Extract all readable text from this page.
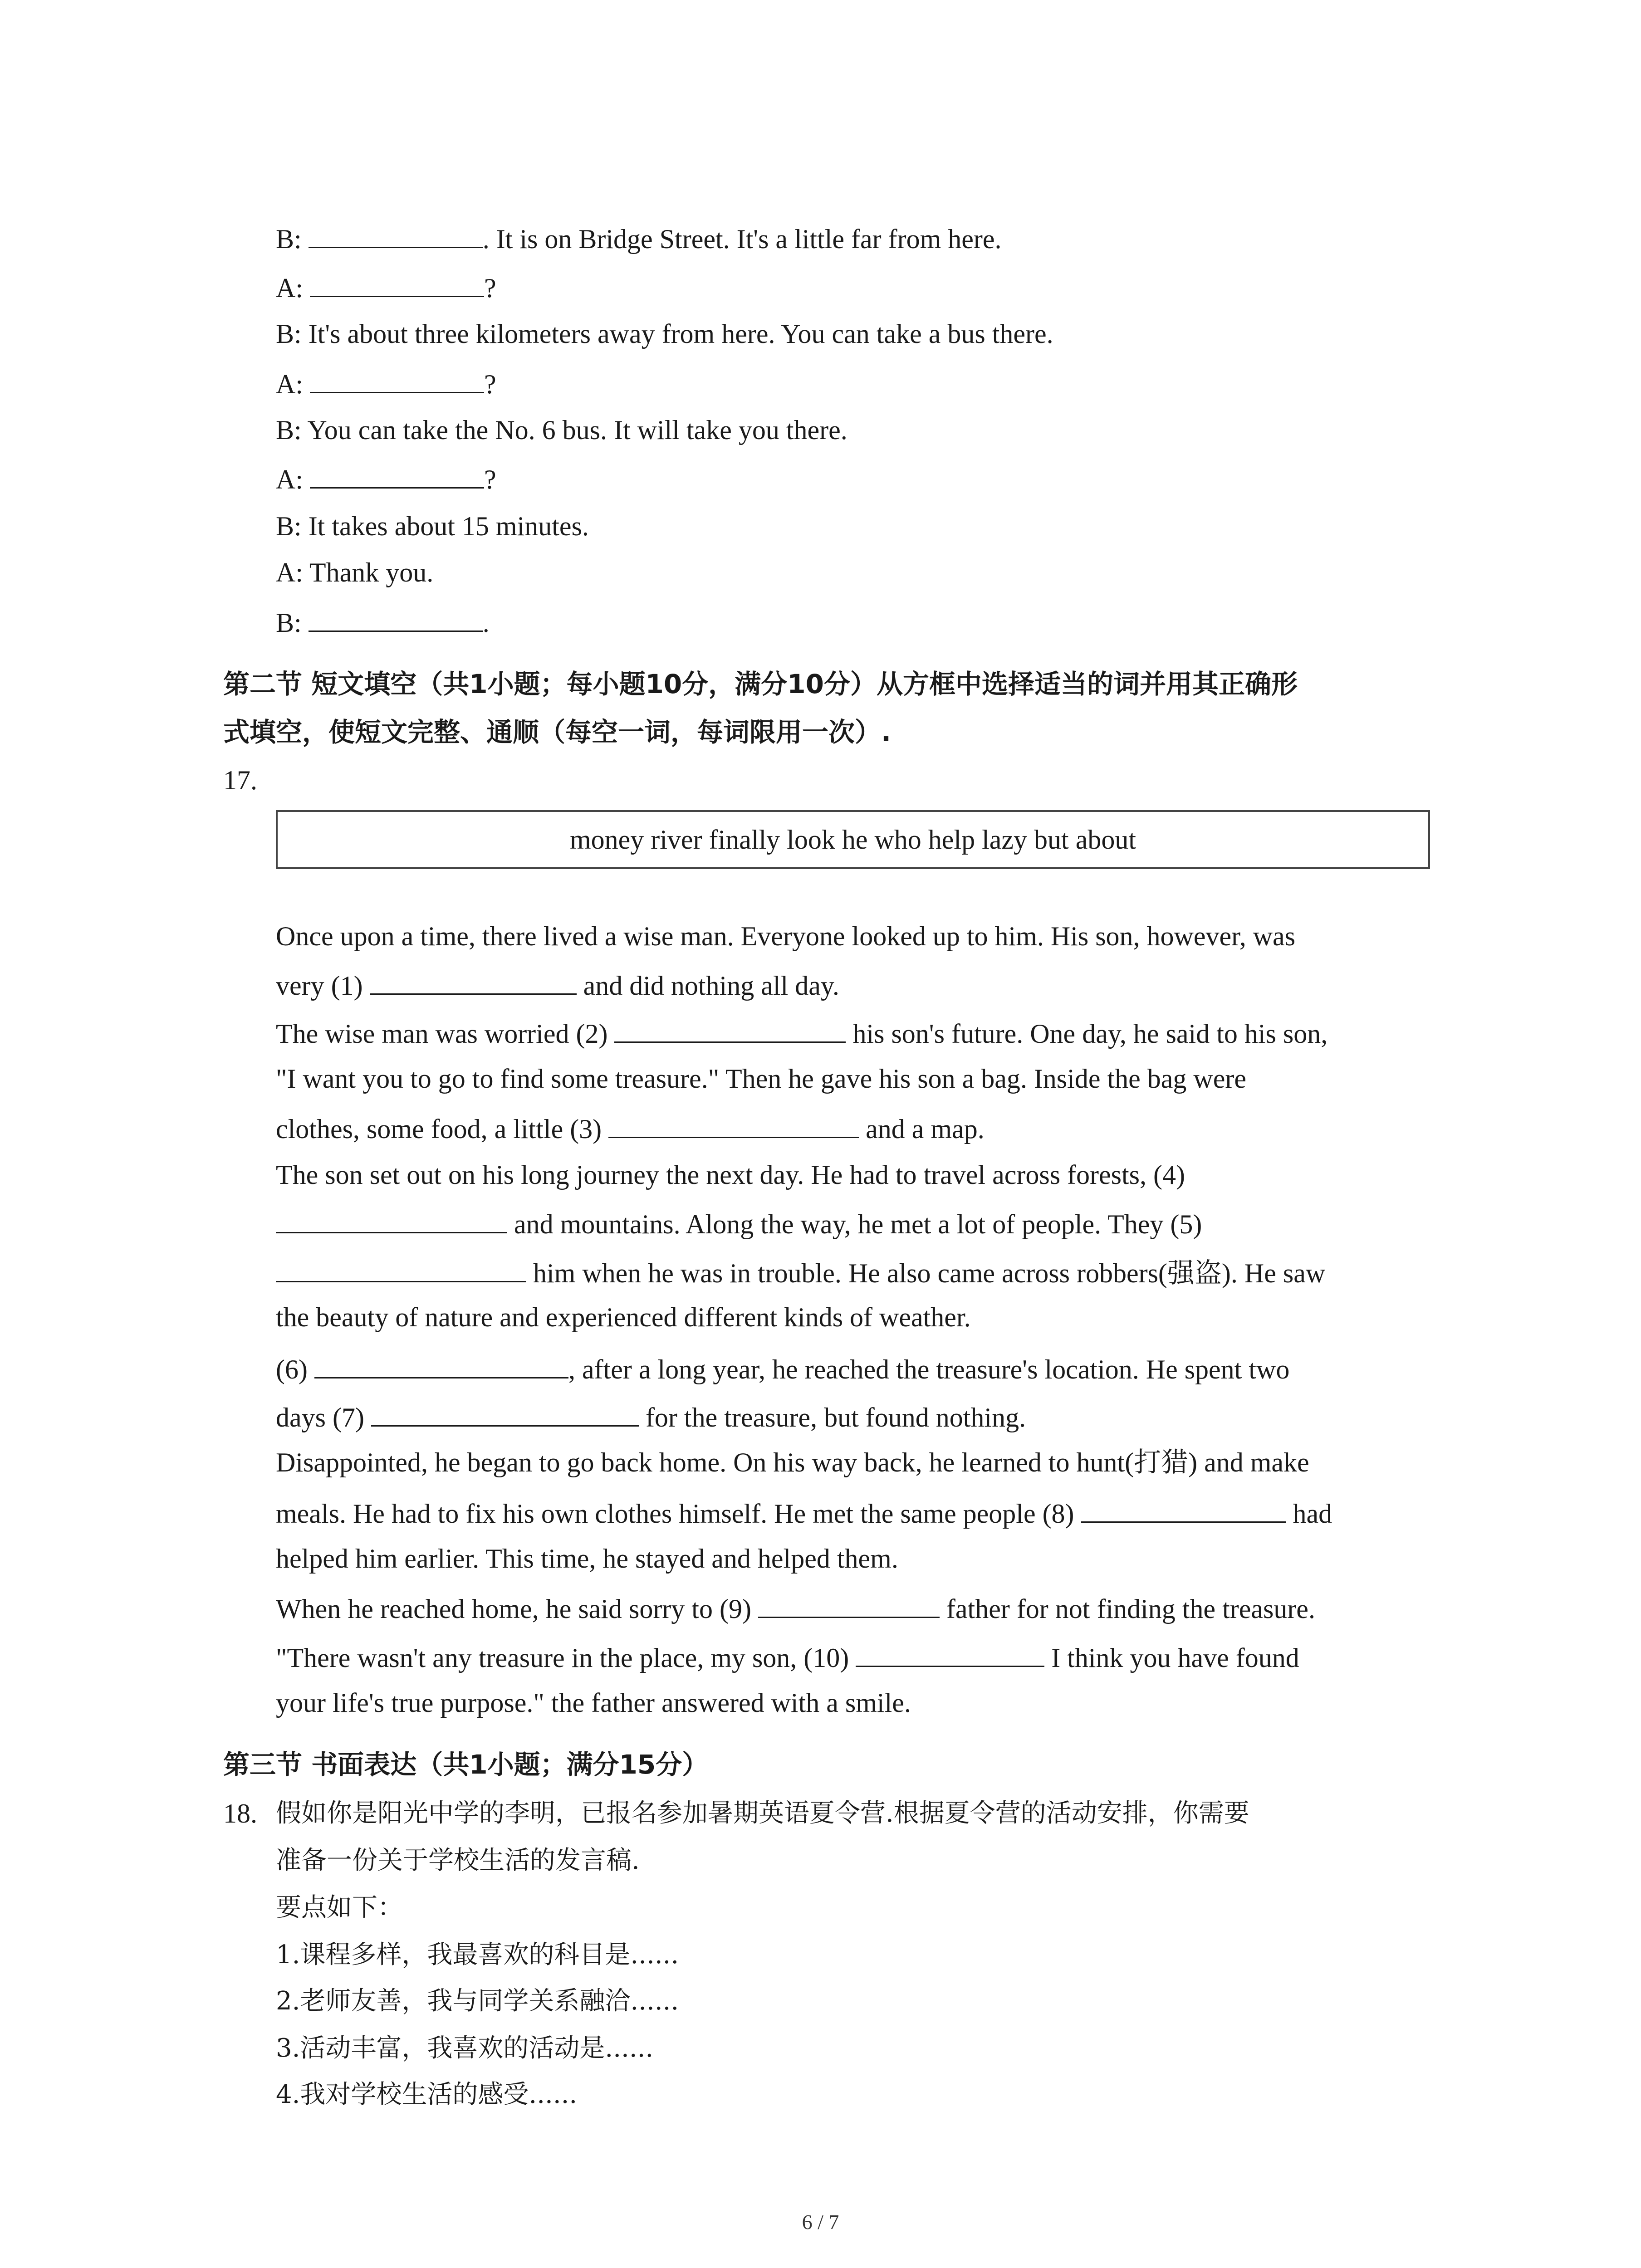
B:	. It is on Bridge Street. It's a little far from here.
A:	?
B: It's about three kilometers away from here. You can take a bus there.
A:	?
B: You can take the No. 6 bus. It will take you there.
A:	?
B: It takes about 15 minutes.
A: Thank you.
B:	.
第二节 短文填空（共1小题；每小题10分，满分10分）从方框中选择适当的词并用其正确形
式填空，使短文完整、通顺（每空一词，每词限用一次）.
17.
money river finally look he who help lazy but about
Once upon a time, there lived a wise man. Everyone looked up to him. His son, however, was
very (1)	and did nothing all day.
The wise man was worried (2)	his son's future. One day, he said to his son,
"I want you to go to find some treasure." Then he gave his son a bag. Inside the bag were
clothes, some food, a little (3)	and a map.
The son set out on his long journey the next day. He had to travel across forests, (4)
and mountains. Along the way, he met a lot of people. They (5)
him when he was in trouble. He also came across robbers(强盗). He saw
the beauty of nature and experienced different kinds of weather.
(6)	, after a long year, he reached the treasure's location. He spent two
days (7)	for the treasure, but found nothing.
Disappointed, he began to go back home. On his way back, he learned to hunt(打猎) and make
meals. He had to fix his own clothes himself. He met the same people (8)	had
helped him earlier. This time, he stayed and helped them.
When he reached home, he said sorry to (9)	father for not finding the treasure.
"There wasn't any treasure in the place, my son, (10)	I think you have found
your life's true purpose." the father answered with a smile.
第三节 书面表达（共1小题；满分15分）
18. 假如你是阳光中学的李明，已报名参加暑期英语夏令营.根据夏令营的活动安排，你需要
准备一份关于学校生活的发言稿.
要点如下：
1.课程多样，我最喜欢的科目是......
2.老师友善，我与同学关系融洽......
3.活动丰富，我喜欢的活动是......
4.我对学校生活的感受......
6 / 7
